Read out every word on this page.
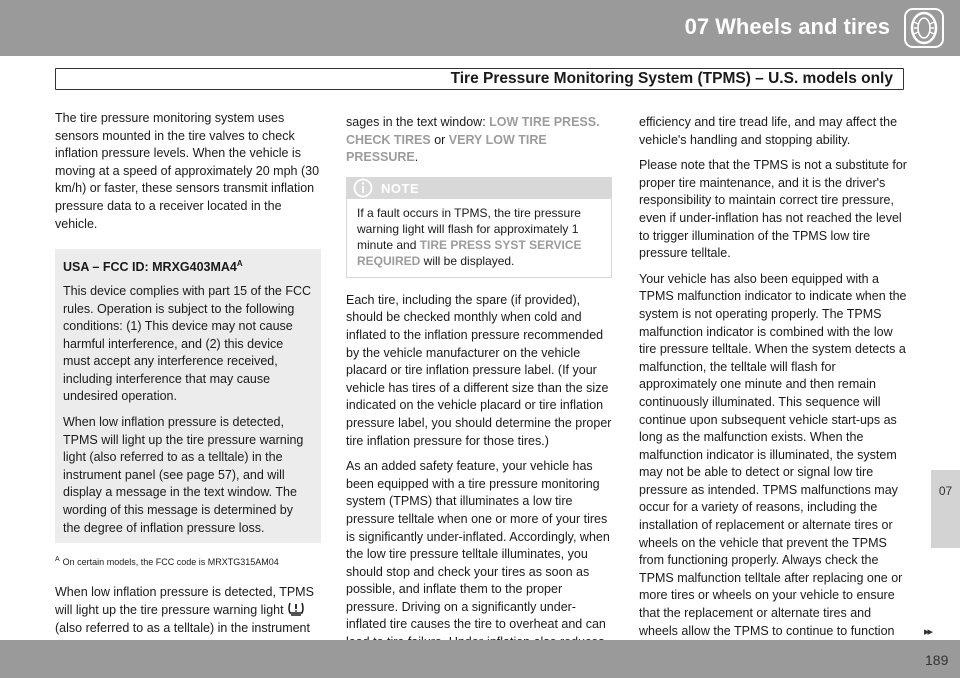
07 Wheels and tires
Tire Pressure Monitoring System (TPMS) – U.S. models only

The tire pressure monitoring system uses sensors mounted in the tire valves to check inflation pressure levels. When the vehicle is moving at a speed of approximately 20 mph (30 km/h) or faster, these sensors transmit inflation pressure data to a receiver located in the vehicle.

USA – FCC ID: $MRXG403MA4^A$

This device complies with part 15 of the FCC rules. Operation is subject to the following conditions: (1) This device may not cause harmful interference, and (2) this device must accept any interference received, including interference that may cause undesired operation.

When low inflation pressure is detected, TPMS will light up the tire pressure warning light (also referred to as a telltale) in the instrument panel (see page 57), and will display a message in the text window. The wording of this message is determined by the degree of inflation pressure loss.

$^A$ On certain models, the FCC code is MRXTG315AM04

When low inflation pressure is detected, TPMS will light up the tire pressure warning light  (also referred to as a telltale) in the instrument

sages in the text window: LOW TIRE PRESS. CHECK TIRES or VERY LOW TIRE PRESSURE.

NOTE
If a fault occurs in TPMS, the tire pressure warning light will flash for approximately 1 minute and TIRE PRESS SYST SERVICE REQUIRED will be displayed.

Each tire, including the spare (if provided), should be checked monthly when cold and inflated to the inflation pressure recommended by the vehicle manufacturer on the vehicle placard or tire inflation pressure label. (If your vehicle has tires of a different size than the size indicated on the vehicle placard or tire inflation pressure label, you should determine the proper tire inflation pressure for those tires.)

As an added safety feature, your vehicle has been equipped with a tire pressure monitoring system (TPMS) that illuminates a low tire pressure telltale when one or more of your tires is significantly under-inflated. Accordingly, when the low tire pressure telltale illuminates, you should stop and check your tires as soon as possible, and inflate them to the proper pressure. Driving on a significantly under-inflated tire causes the tire to overheat and can

efficiency and tire tread life, and may affect the vehicle's handling and stopping ability.

Please note that the TPMS is not a substitute for proper tire maintenance, and it is the driver's responsibility to maintain correct tire pressure, even if under-inflation has not reached the level to trigger illumination of the TPMS low tire pressure telltale.

Your vehicle has also been equipped with a TPMS malfunction indicator to indicate when the system is not operating properly. The TPMS malfunction indicator is combined with the low tire pressure telltale. When the system detects a malfunction, the telltale will flash for approximately one minute and then remain continuously illuminated. This sequence will continue upon subsequent vehicle start-ups as long as the malfunction exists. When the malfunction indicator is illuminated, the system may not be able to detect or signal low tire pressure as intended. TPMS malfunctions may occur for a variety of reasons, including the installation of replacement or alternate tires or wheels on the vehicle that prevent the TPMS from functioning properly. Always check the TPMS malfunction telltale after replacing one or more tires or wheels on your vehicle to ensure that the replacement or alternate tires and wheels allow the TPMS to continue to function

07
▸▸
189
